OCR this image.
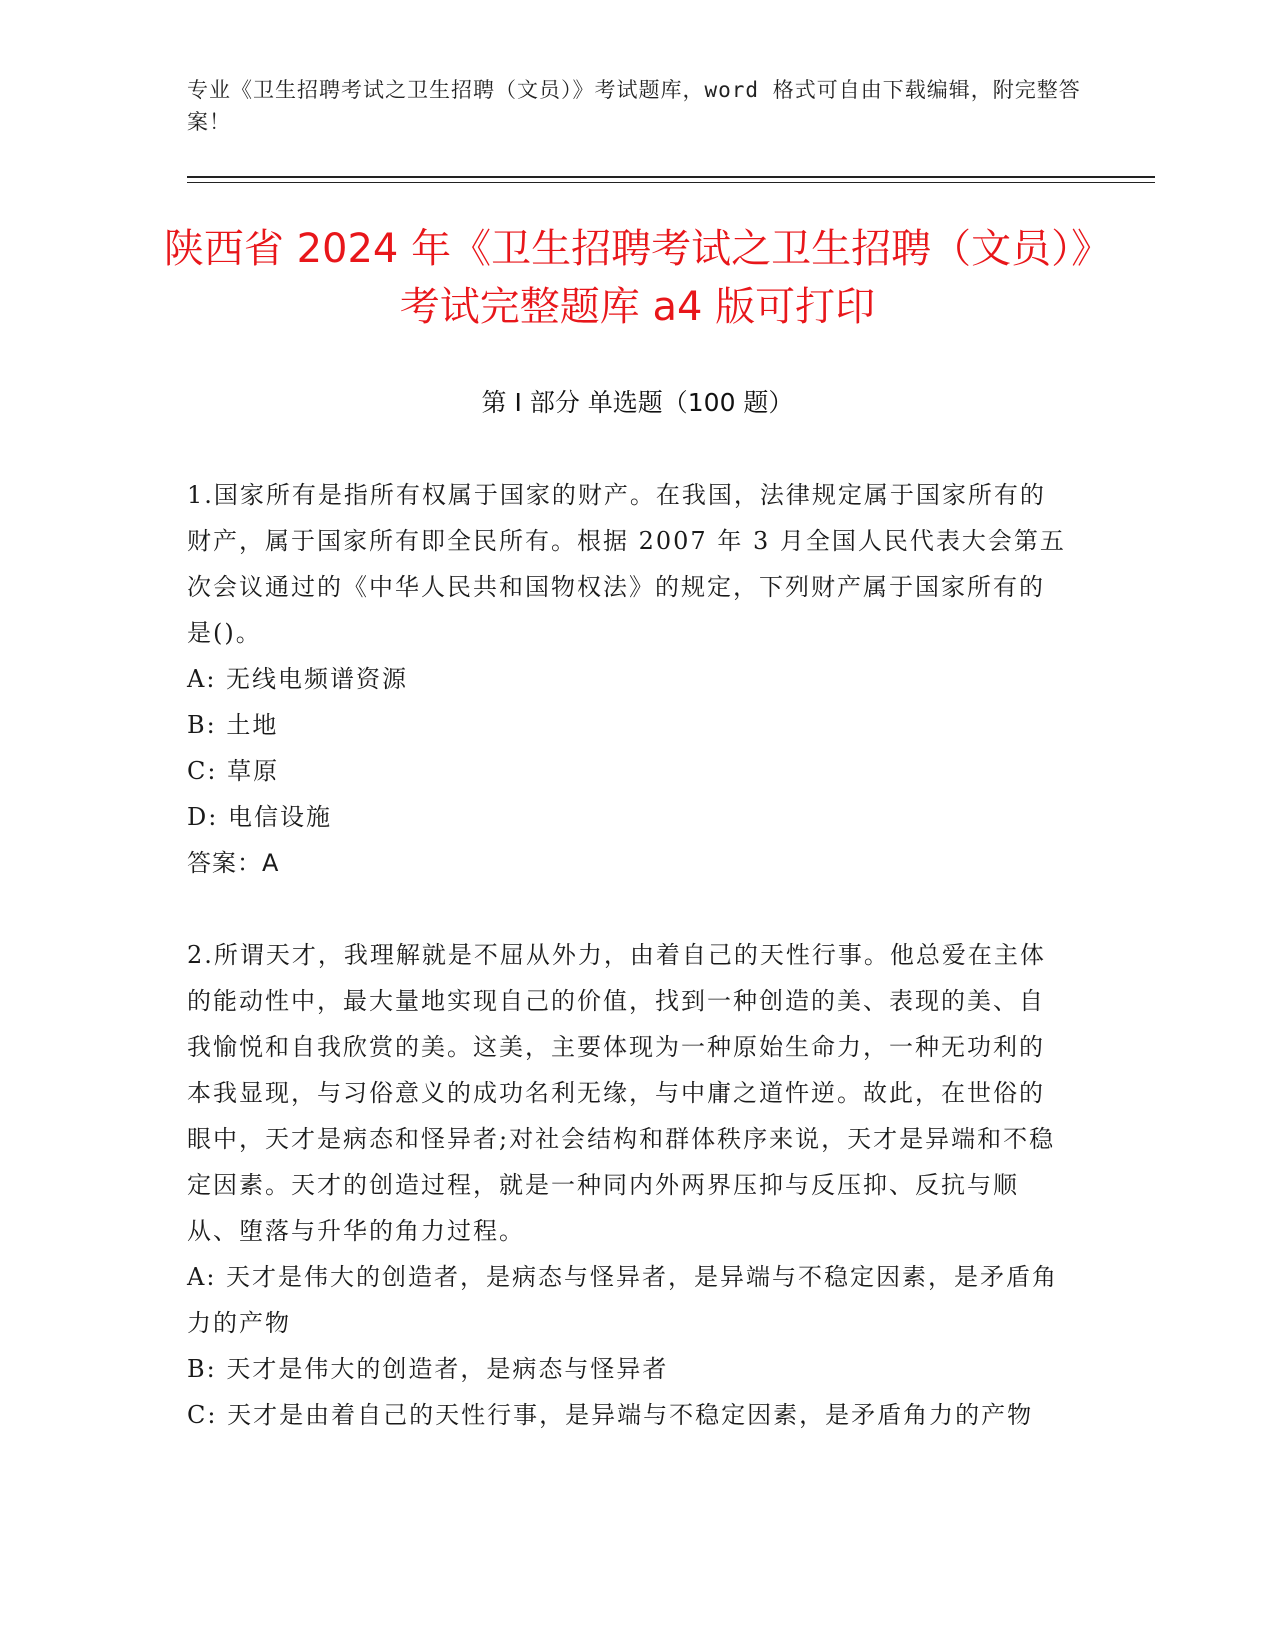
专业《卫生招聘考试之卫生招聘（文员）》考试题库，word 格式可自由下载编辑，附完整答案！
陕西省 2024 年《卫生招聘考试之卫生招聘（文员）》考试完整题库 a4 版可打印
第 I 部分 单选题（100 题）

1.国家所有是指所有权属于国家的财产。在我国，法律规定属于国家所有的财产，属于国家所有即全民所有。根据 2007 年 3 月全国人民代表大会第五次会议通过的《中华人民共和国物权法》的规定，下列财产属于国家所有的是()。

A: 无线电频谱资源

B: 土地

C: 草原

D: 电信设施

答案：A

2.所谓天才，我理解就是不屈从外力，由着自己的天性行事。他总爱在主体的能动性中，最大量地实现自己的价值，找到一种创造的美、表现的美、自我愉悦和自我欣赏的美。这美，主要体现为一种原始生命力，一种无功利的本我显现，与习俗意义的成功名利无缘，与中庸之道忤逆。故此，在世俗的眼中，天才是病态和怪异者;对社会结构和群体秩序来说，天才是异端和不稳定因素。天才的创造过程，就是一种同内外两界压抑与反压抑、反抗与顺从、堕落与升华的角力过程。

A: 天才是伟大的创造者，是病态与怪异者，是异端与不稳定因素，是矛盾角力的产物

B: 天才是伟大的创造者，是病态与怪异者

C: 天才是由着自己的天性行事，是异端与不稳定因素，是矛盾角力的产物
